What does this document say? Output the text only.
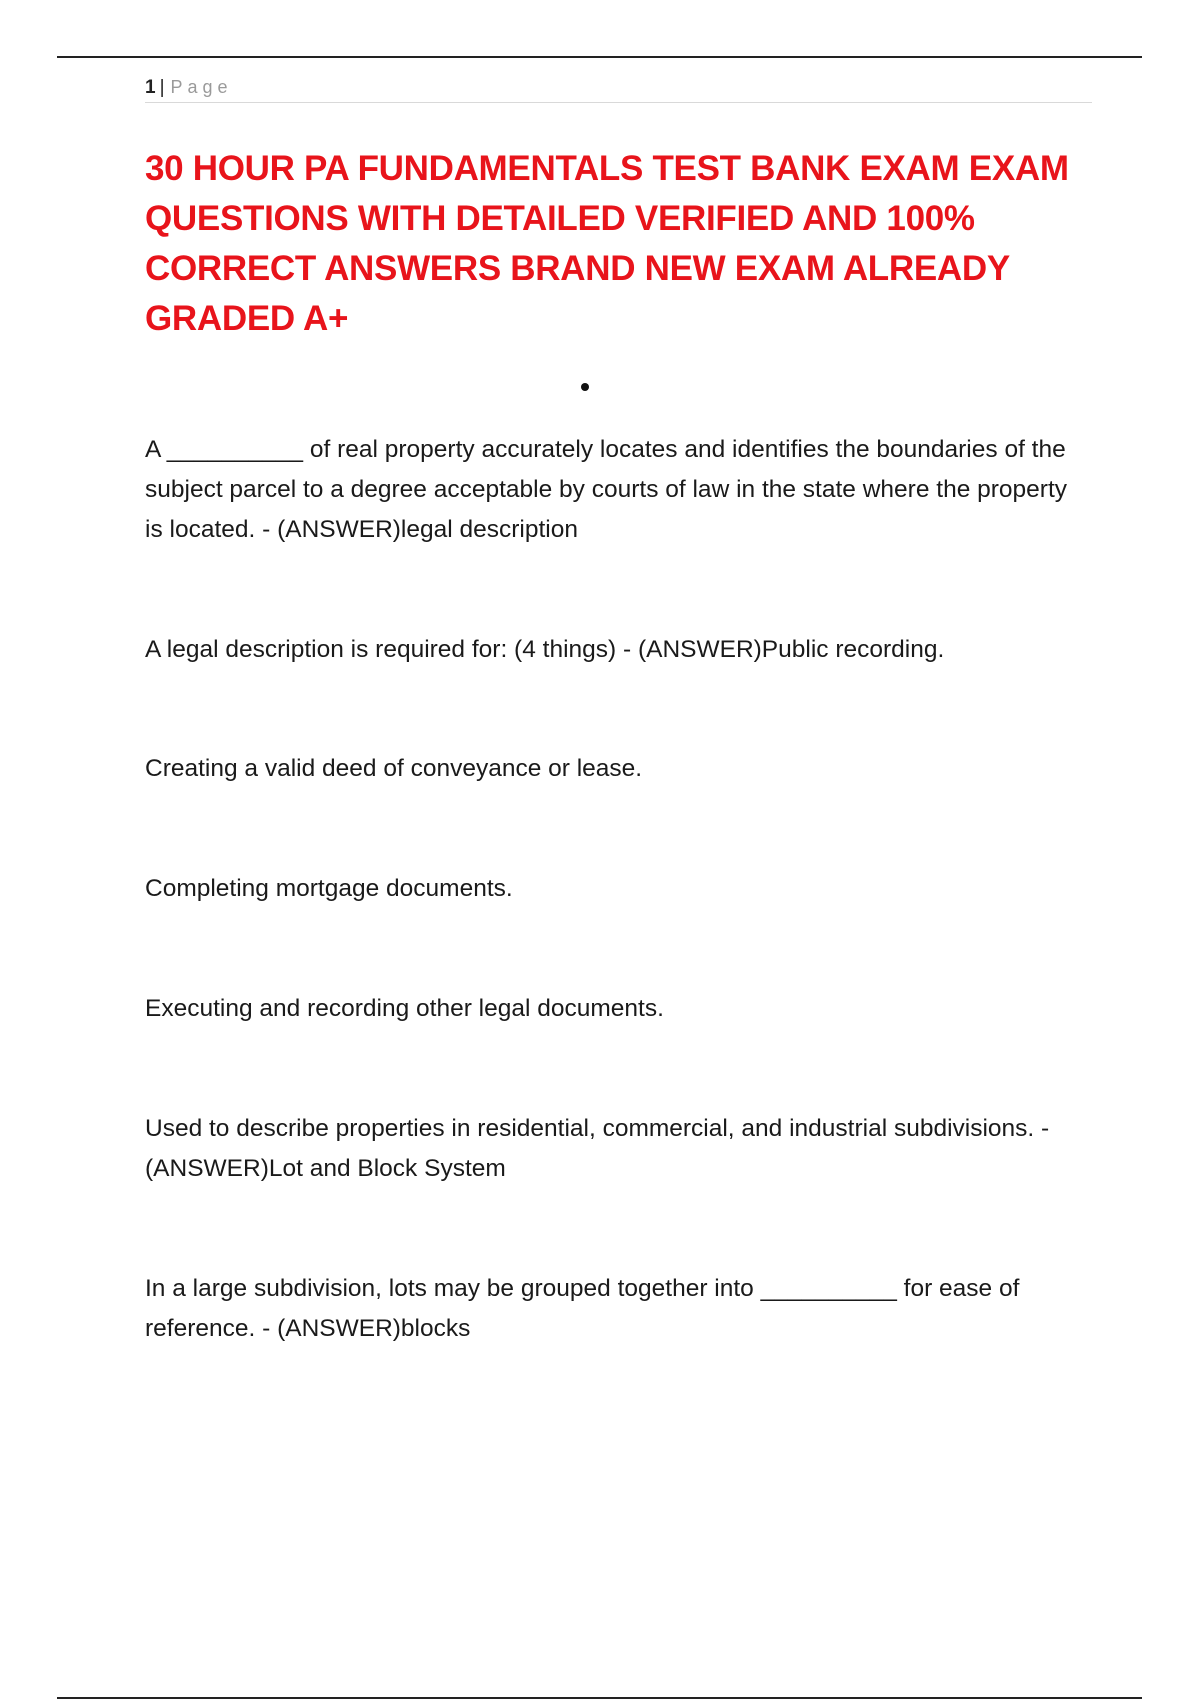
1 | Page
30 HOUR PA FUNDAMENTALS TEST BANK EXAM EXAM QUESTIONS WITH DETAILED VERIFIED AND 100% CORRECT ANSWERS BRAND NEW EXAM ALREADY GRADED A+

A __________ of real property accurately locates and identifies the boundaries of the subject parcel to a degree acceptable by courts of law in the state where the property is located. - (ANSWER)legal description

A legal description is required for: (4 things) - (ANSWER)Public recording.

Creating a valid deed of conveyance or lease.

Completing mortgage documents.

Executing and recording other legal documents.

Used to describe properties in residential, commercial, and industrial subdivisions. - (ANSWER)Lot and Block System

In a large subdivision, lots may be grouped together into __________ for ease of reference. - (ANSWER)blocks
